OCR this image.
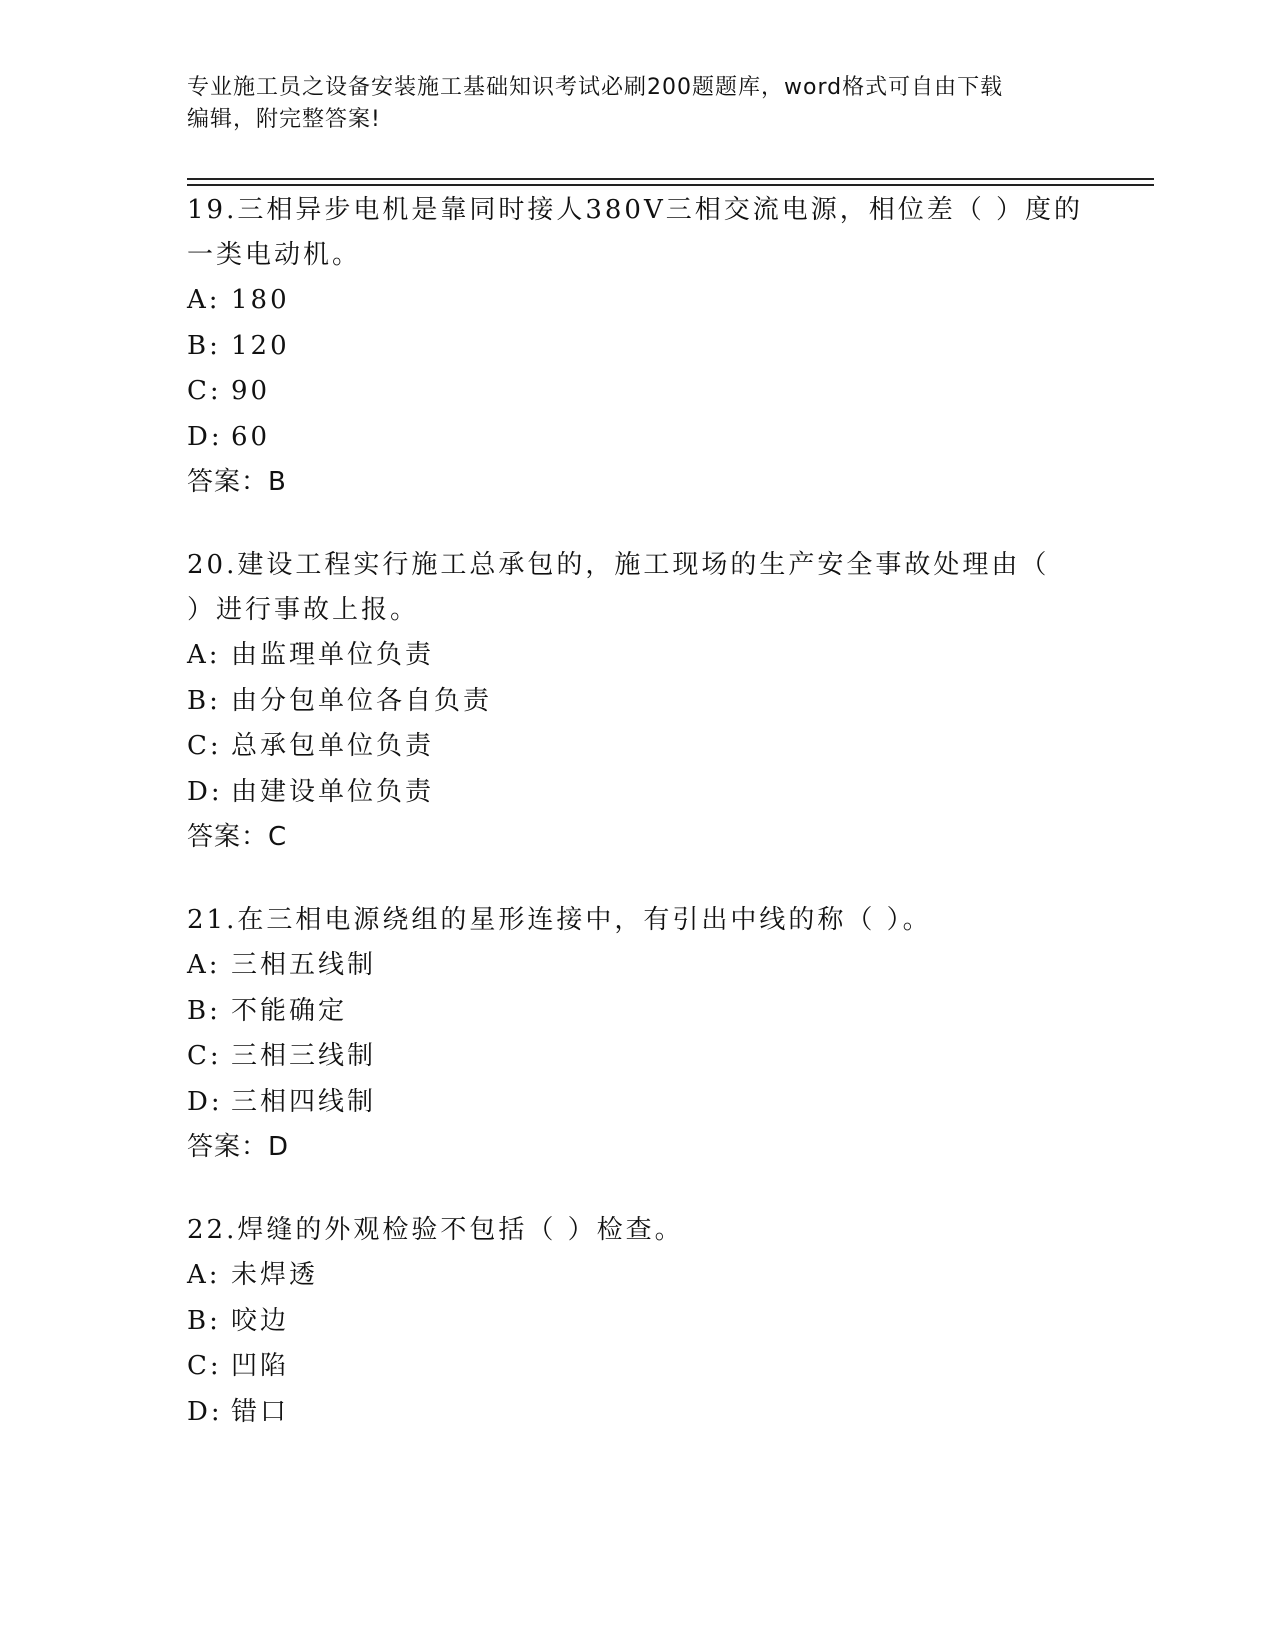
专业施工员之设备安装施工基础知识考试必刷200题题库，word格式可自由下载
编辑，附完整答案!
19.三相异步电机是靠同时接人380V三相交流电源，相位差（ ）度的
一类电动机。
A: 180
B: 120
C: 90
D: 60
答案：B
20.建设工程实行施工总承包的，施工现场的生产安全事故处理由（
）进行事故上报。
A: 由监理单位负责
B: 由分包单位各自负责
C: 总承包单位负责
D: 由建设单位负责
答案：C
21.在三相电源绕组的星形连接中，有引出中线的称（ ）。
A: 三相五线制
B: 不能确定
C: 三相三线制
D: 三相四线制
答案：D
22.焊缝的外观检验不包括（ ）检查。
A: 未焊透
B: 咬边
C: 凹陷
D: 错口
